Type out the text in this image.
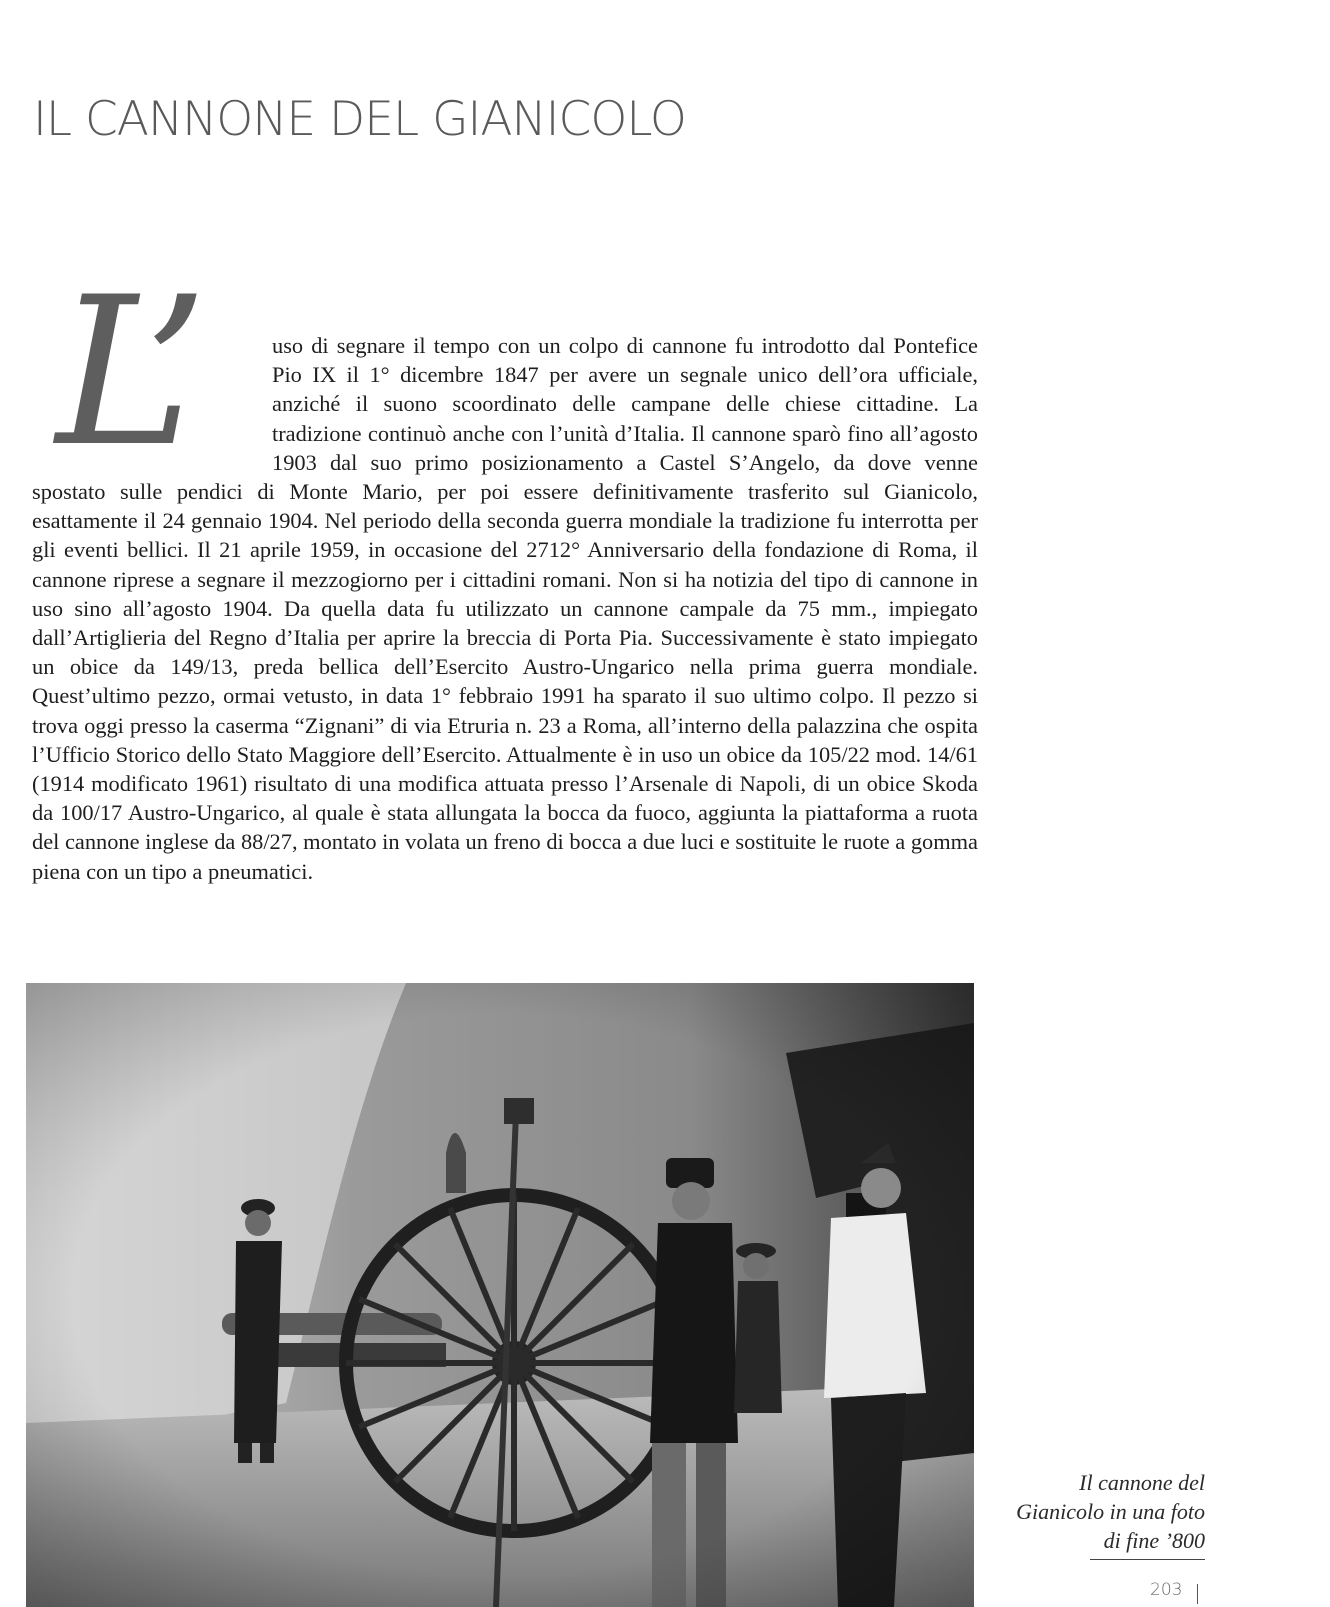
IL CANNONE DEL GIANICOLO
L’	uso di segnare il tempo con un colpo di cannone fu introdotto dal Pontefice Pio IX il 1° dicembre 1847 per avere un segnale unico dell’ora ufficiale, anziché il suono scoordinato delle campane delle chiese cittadine. La tradizione continuò anche con l’unità d’Italia. Il cannone sparò fino all’agosto 1903 dal suo primo posizionamento a Castel S’Angelo, da dove venne spostato sulle pendici di Monte Mario, per poi essere definitivamente trasferito sul Gianicolo, esattamente il 24 gennaio 1904. Nel periodo della seconda guerra mondiale la tradizione fu interrotta per gli eventi bellici. Il 21 aprile 1959, in occasione del 2712° Anniversario della fondazione di Roma, il cannone riprese a segnare il mezzogiorno per i cittadini romani. Non si ha notizia del tipo di cannone in uso sino all’agosto 1904. Da quella data fu utilizzato un cannone campale da 75 mm., impiegato dall’Artiglieria del Regno d’Italia per aprire la breccia di Porta Pia. Successivamente è stato impiegato un obice da 149/13, preda bellica dell’Esercito Austro-Ungarico nella prima guerra mondiale. Quest’ultimo pezzo, ormai vetusto, in data 1° febbraio 1991 ha sparato il suo ultimo colpo. Il pezzo si trova oggi presso la caserma “Zignani” di via Etruria n. 23 a Roma, all’interno della palazzina che ospita l’Ufficio Storico dello Stato Maggiore dell’Esercito. Attualmente è in uso un obice da 105/22 mod. 14/61 (1914 modificato 1961) risultato di una modifica attuata presso l’Arsenale di Napoli, di un obice Skoda da 100/17 Austro-Ungarico, al quale è stata allungata la bocca da fuoco, aggiunta la piattaforma a ruota del cannone inglese da 88/27, montato in volata un freno di bocca a due luci e sostituite le ruote a gomma piena con un tipo a pneumatici.

Il cannone del
Gianicolo in una foto
di fine ’800

203
